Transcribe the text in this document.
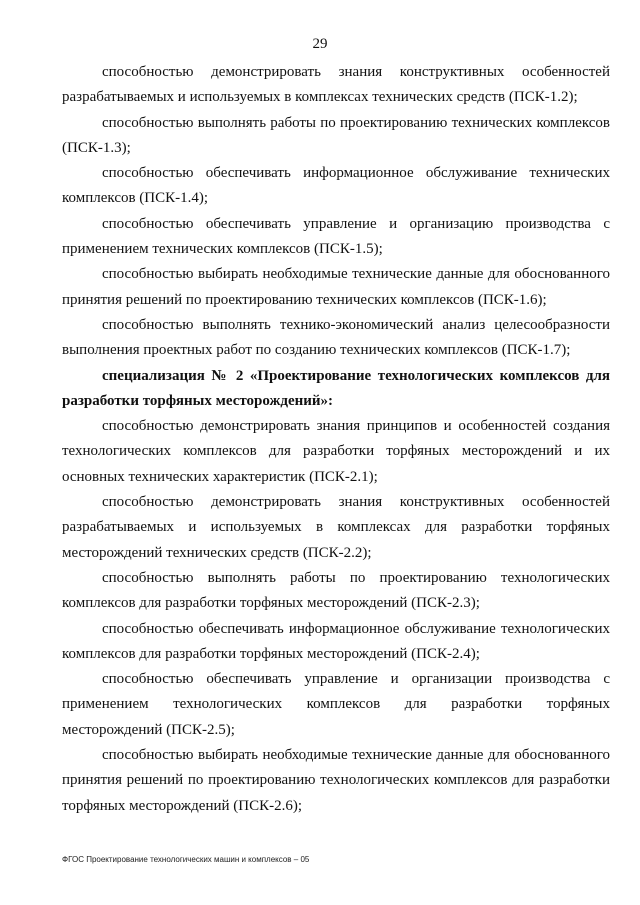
29

способностью демонстрировать знания конструктивных особенностей разрабатываемых и используемых в комплексах технических средств (ПСК-1.2);

способностью выполнять работы по проектированию технических комплексов (ПСК-1.3);

способностью обеспечивать информационное обслуживание технических комплексов (ПСК-1.4);

способностью обеспечивать управление и организацию производства с применением технических комплексов (ПСК-1.5);

способностью выбирать необходимые технические данные для обоснованного принятия решений по проектированию технических комплексов (ПСК-1.6);

способностью выполнять технико-экономический анализ целесообразности выполнения проектных работ по созданию технических комплексов (ПСК-1.7);

специализация № 2 «Проектирование технологических комплексов для разработки торфяных месторождений»:

способностью демонстрировать знания принципов и особенностей создания технологических комплексов для разработки торфяных месторождений и их основных технических характеристик (ПСК-2.1);

способностью демонстрировать знания конструктивных особенностей разрабатываемых и используемых в комплексах для разработки торфяных месторождений технических средств (ПСК-2.2);

способностью выполнять работы по проектированию технологических комплексов для разработки торфяных месторождений (ПСК-2.3);

способностью обеспечивать информационное обслуживание технологических комплексов для разработки торфяных месторождений (ПСК-2.4);

способностью обеспечивать управление и организации производства с применением технологических комплексов для разработки торфяных месторождений (ПСК-2.5);

способностью выбирать необходимые технические данные для обоснованного принятия решений по проектированию технологических комплексов для разработки торфяных месторождений (ПСК-2.6);

ФГОС Проектирование технологических машин и комплексов – 05
